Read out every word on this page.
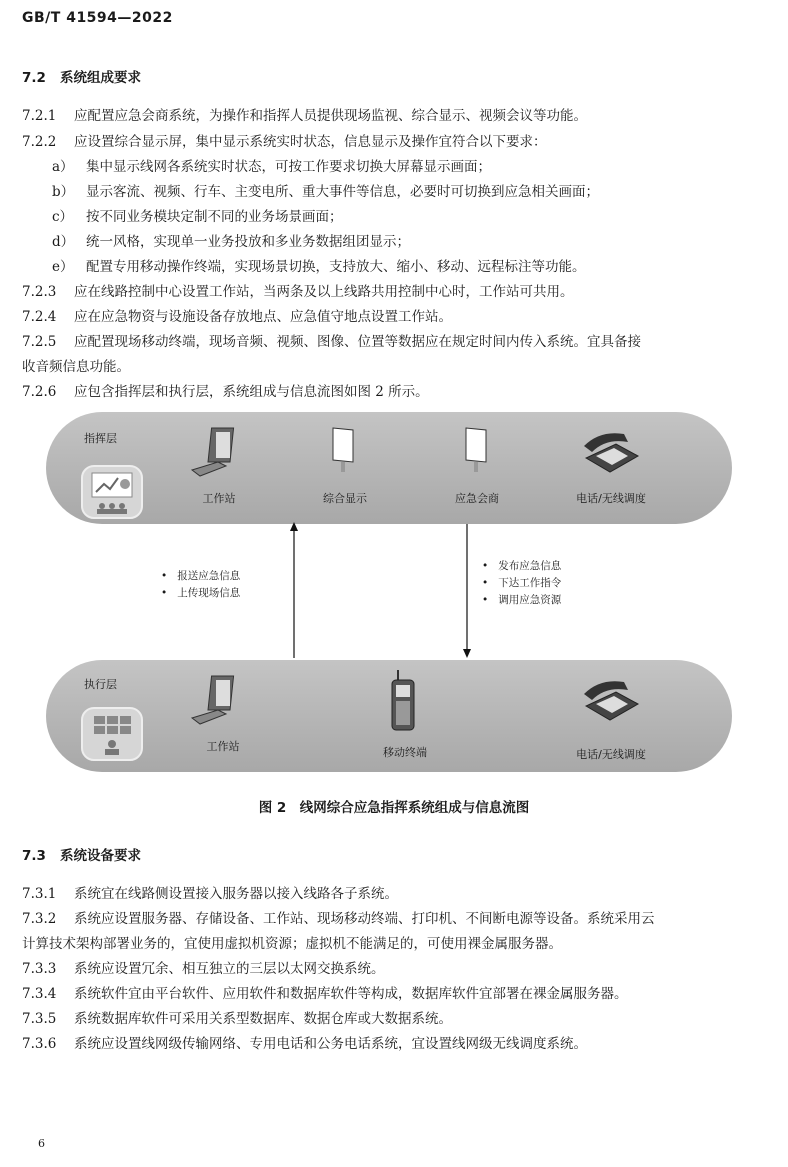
GB/T 41594—2022
7.2 系统组成要求
7.2.1 应配置应急会商系统，为操作和指挥人员提供现场监视、综合显示、视频会议等功能。
7.2.2 应设置综合显示屏，集中显示系统实时状态，信息显示及操作宜符合以下要求：
a） 集中显示线网各系统实时状态，可按工作要求切换大屏幕显示画面；
b） 显示客流、视频、行车、主变电所、重大事件等信息，必要时可切换到应急相关画面；
c） 按不同业务模块定制不同的业务场景画面；
d） 统一风格，实现单一业务投放和多业务数据组团显示；
e） 配置专用移动操作终端，实现场景切换，支持放大、缩小、移动、远程标注等功能。
7.2.3 应在线路控制中心设置工作站，当两条及以上线路共用控制中心时，工作站可共用。
7.2.4 应在应急物资与设施设备存放地点、应急值守地点设置工作站。
7.2.5 应配置现场移动终端，现场音频、视频、图像、位置等数据应在规定时间内传入系统。宜具备接
收音频信息功能。
7.2.6 应包含指挥层和执行层，系统组成与信息流图如图 2 所示。
指挥层
工作站	综合显示	应急会商	电话/无线调度
•   报送应急信息
•   上传现场信息
•   发布应急信息
•   下达工作指令
•   调用应急资源
执行层
工作站	移动终端	电话/无线调度
图 2　线网综合应急指挥系统组成与信息流图
7.3 系统设备要求
7.3.1 系统宜在线路侧设置接入服务器以接入线路各子系统。
7.3.2 系统应设置服务器、存储设备、工作站、现场移动终端、打印机、不间断电源等设备。系统采用云
计算技术架构部署业务的，宜使用虚拟机资源；虚拟机不能满足的，可使用裸金属服务器。
7.3.3 系统应设置冗余、相互独立的三层以太网交换系统。
7.3.4 系统软件宜由平台软件、应用软件和数据库软件等构成，数据库软件宜部署在裸金属服务器。
7.3.5 系统数据库软件可采用关系型数据库、数据仓库或大数据系统。
7.3.6 系统应设置线网级传输网络、专用电话和公务电话系统，宜设置线网级无线调度系统。
6
